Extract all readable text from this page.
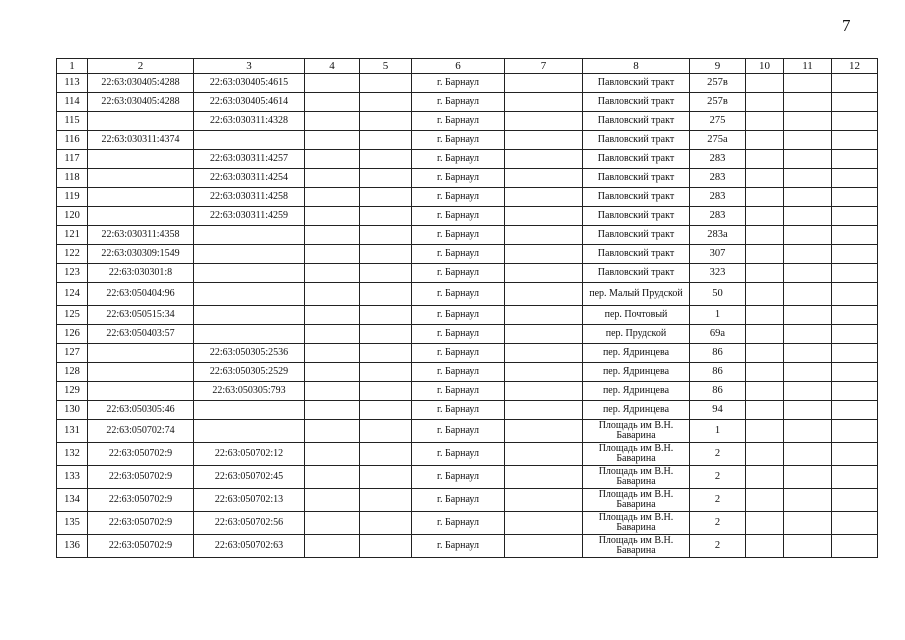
7
1	2	3	4	5	6	7	8	9	10	11	12
113	22:63:030405:4288	22:63:030405:4615			г. Барнаул		Павловский тракт	257в			
114	22:63:030405:4288	22:63:030405:4614			г. Барнаул		Павловский тракт	257в			
115		22:63:030311:4328			г. Барнаул		Павловский тракт	275			
116	22:63:030311:4374				г. Барнаул		Павловский тракт	275а			
117		22:63:030311:4257			г. Барнаул		Павловский тракт	283			
118		22:63:030311:4254			г. Барнаул		Павловский тракт	283			
119		22:63:030311:4258			г. Барнаул		Павловский тракт	283			
120		22:63:030311:4259			г. Барнаул		Павловский тракт	283			
121	22:63:030311:4358				г. Барнаул		Павловский тракт	283а			
122	22:63:030309:1549				г. Барнаул		Павловский тракт	307			
123	22:63:030301:8				г. Барнаул		Павловский тракт	323			
124	22:63:050404:96				г. Барнаул		пер. Малый Прудской	50			
125	22:63:050515:34				г. Барнаул		пер. Почтовый	1			
126	22:63:050403:57				г. Барнаул		пер. Прудской	69а			
127		22:63:050305:2536			г. Барнаул		пер. Ядринцева	86			
128		22:63:050305:2529			г. Барнаул		пер. Ядринцева	86			
129		22:63:050305:793			г. Барнаул		пер. Ядринцева	86			
130	22:63:050305:46				г. Барнаул		пер. Ядринцева	94			
131	22:63:050702:74				г. Барнаул		Площадь им В.Н. Баварина	1			
132	22:63:050702:9	22:63:050702:12			г. Барнаул		Площадь им В.Н. Баварина	2			
133	22:63:050702:9	22:63:050702:45			г. Барнаул		Площадь им В.Н. Баварина	2			
134	22:63:050702:9	22:63:050702:13			г. Барнаул		Площадь им В.Н. Баварина	2			
135	22:63:050702:9	22:63:050702:56			г. Барнаул		Площадь им В.Н. Баварина	2			
136	22:63:050702:9	22:63:050702:63			г. Барнаул		Площадь им В.Н. Баварина	2			
